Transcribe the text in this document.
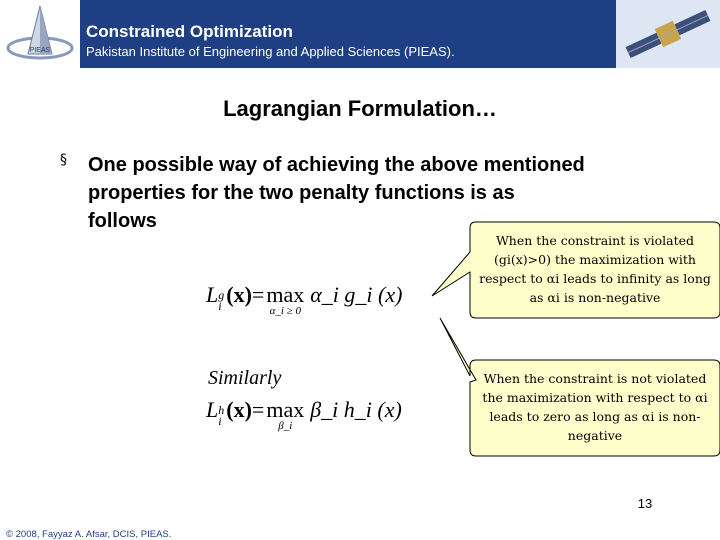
PIEAS
Constrained Optimization
Pakistan Institute of Engineering and Applied Sciences (PIEAS).
Lagrangian Formulation…
§ One possible way of achieving the above mentioned properties for the two penalty functions is as follows
Lg
i (x)= max
α_i ≥ 0
α_i g_i (x)
Similarly
Lh
i (x)= max
β_i
β_i h_i (x)
When the constraint is violated (gi(x)>0) the maximization with respect to αi leads to infinity as long as αi is non-negative
When the constraint is not violated the maximization with respect to αi leads to zero as long as αi is non-negative
13
© 2008, Fayyaz A. Afsar, DCIS, PIEAS.
